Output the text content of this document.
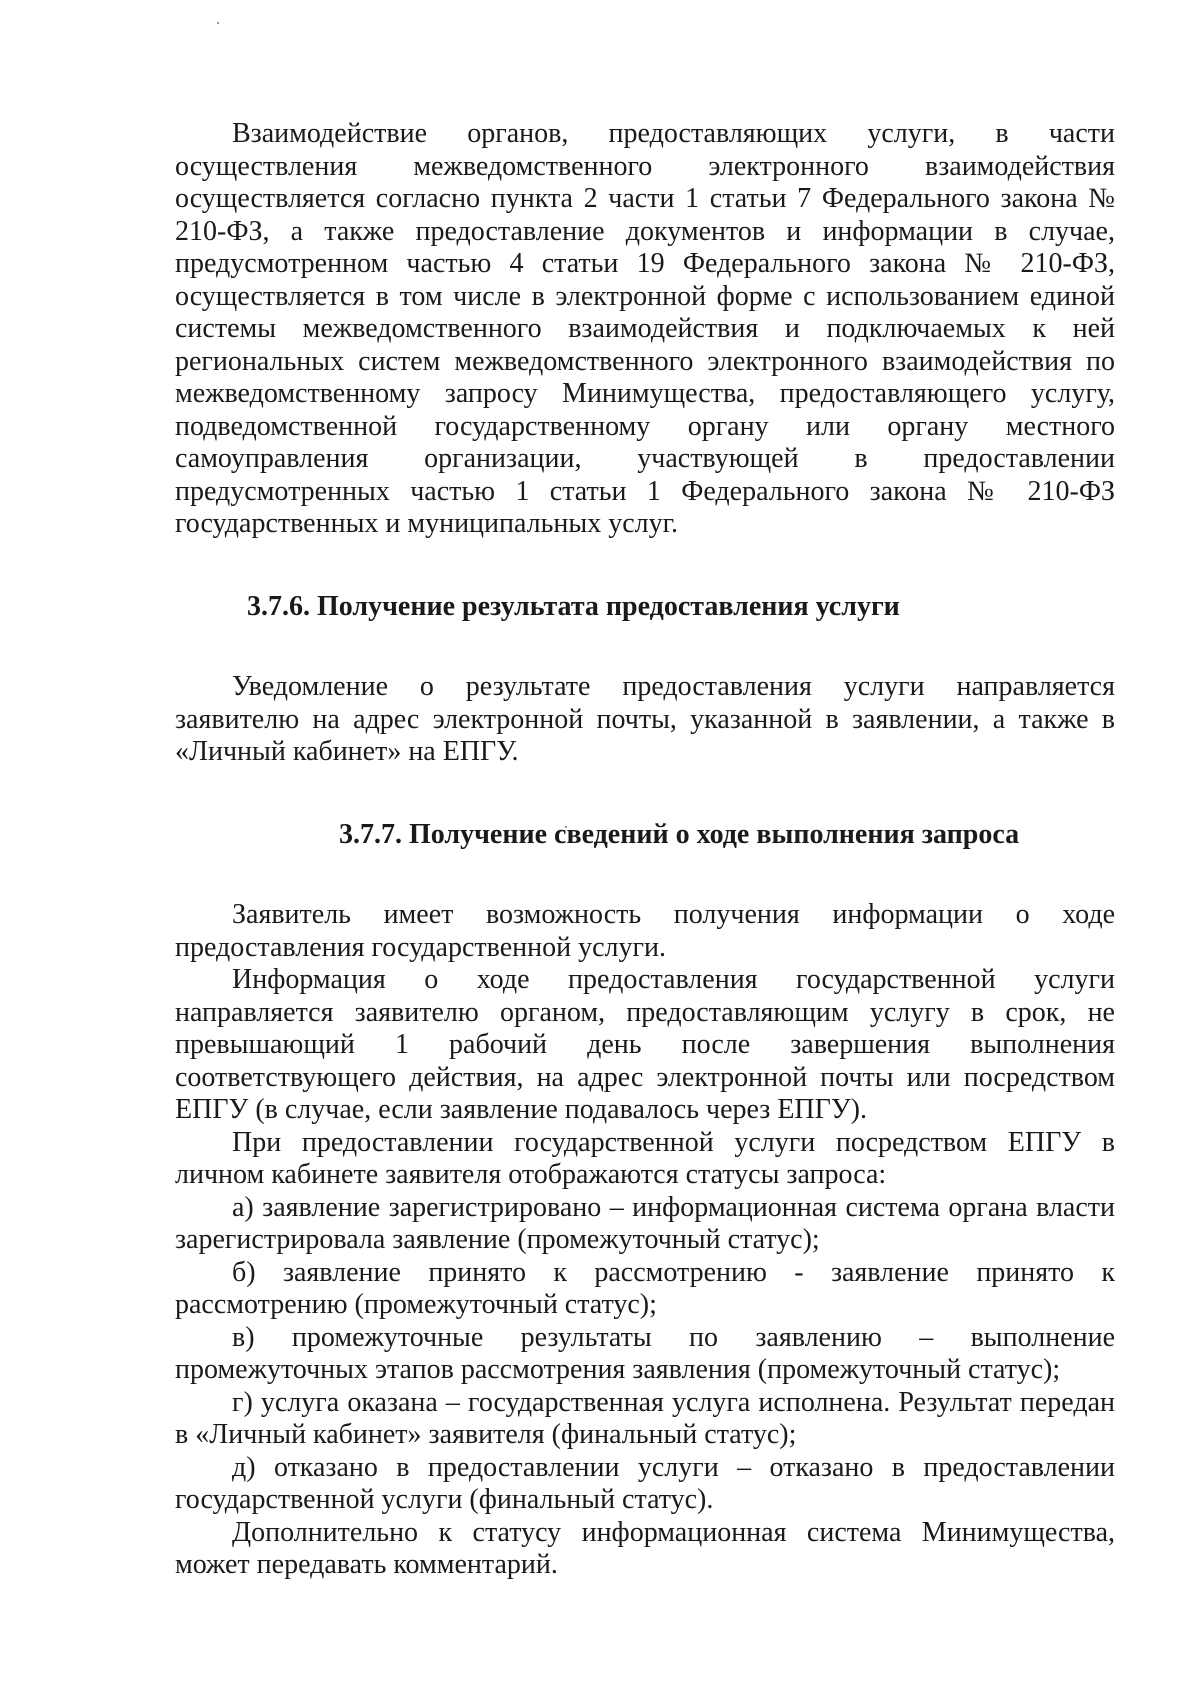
Взаимодействие органов, предоставляющих услуги, в части осуществления межведомственного электронного взаимодействия осуществляется согласно пункта 2 части 1 статьи 7 Федерального закона № 210-ФЗ, а также предоставление документов и информации в случае, предусмотренном частью 4 статьи 19 Федерального закона № 210-ФЗ, осуществляется в том числе в электронной форме с использованием единой системы межведомственного взаимодействия и подключаемых к ней региональных систем межведомственного электронного взаимодействия по межведомственному запросу Минимущества, предоставляющего услугу, подведомственной государственному органу или органу местного самоуправления организации, участвующей в предоставлении предусмотренных частью 1 статьи 1 Федерального закона № 210-ФЗ государственных и муниципальных услуг.

3.7.6. Получение результата предоставления услуги

Уведомление о результате предоставления услуги направляется заявителю на адрес электронной почты, указанной в заявлении, а также в «Личный кабинет» на ЕПГУ.

3.7.7. Получение сведений о ходе выполнения запроса

Заявитель имеет возможность получения информации о ходе предоставления государственной услуги.

Информация о ходе предоставления государственной услуги направляется заявителю органом, предоставляющим услугу в срок, не превышающий 1 рабочий день после завершения выполнения соответствующего действия, на адрес электронной почты или посредством ЕПГУ (в случае, если заявление подавалось через ЕПГУ).

При предоставлении государственной услуги посредством ЕПГУ в личном кабинете заявителя отображаются статусы запроса:

а) заявление зарегистрировано – информационная система органа власти зарегистрировала заявление (промежуточный статус);

б) заявление принято к рассмотрению - заявление принято к рассмотрению (промежуточный статус);

в) промежуточные результаты по заявлению – выполнение промежуточных этапов рассмотрения заявления (промежуточный статус);

г) услуга оказана – государственная услуга исполнена. Результат передан в «Личный кабинет» заявителя (финальный статус);

д) отказано в предоставлении услуги – отказано в предоставлении государственной услуги (финальный статус).

Дополнительно к статусу информационная система Минимущества, может передавать комментарий.
